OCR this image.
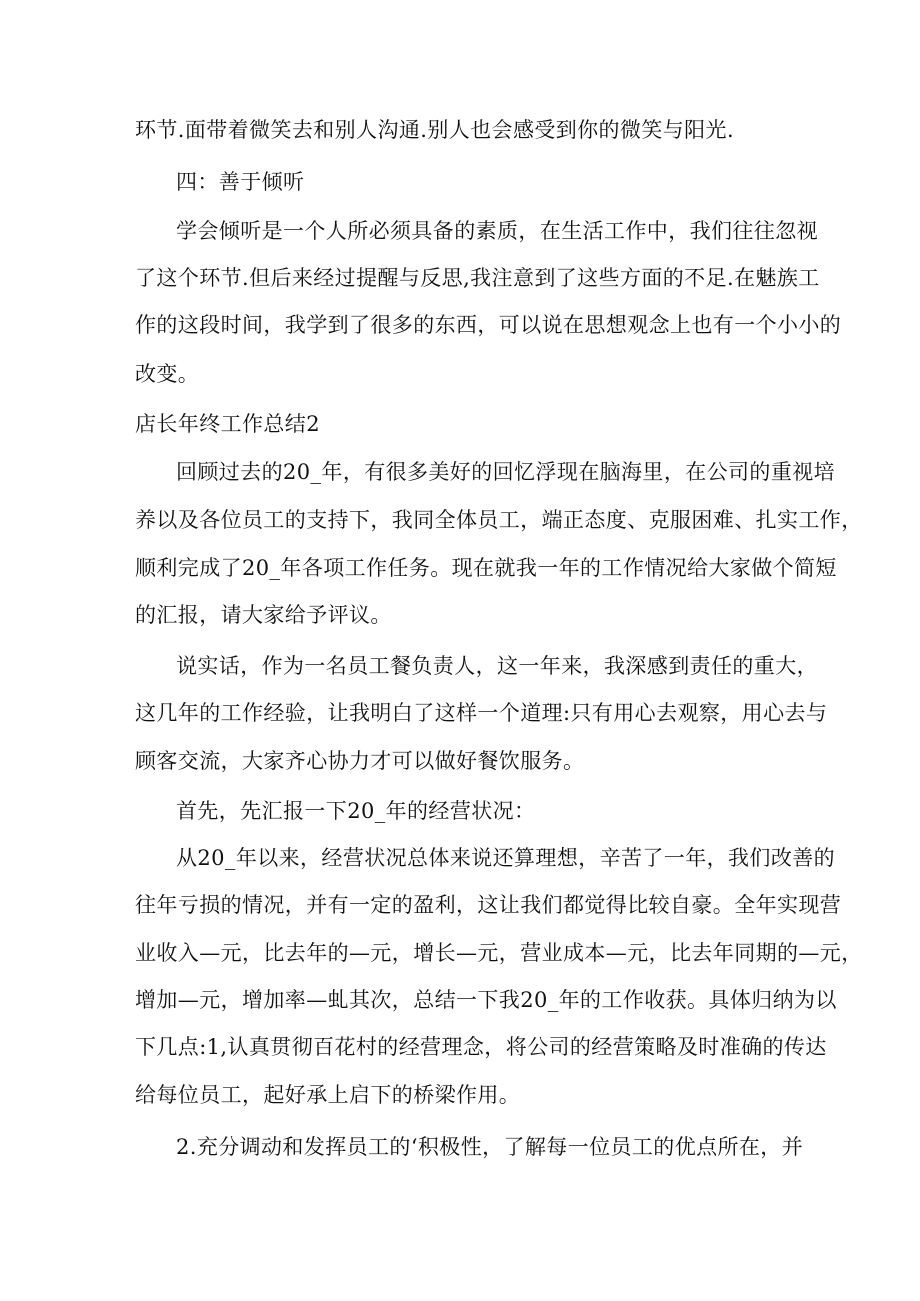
环节.面带着微笑去和别人沟通.别人也会感受到你的微笑与阳光.
四：善于倾听
学会倾听是一个人所必须具备的素质，在生活工作中，我们往往忽视
了这个环节.但后来经过提醒与反思,我注意到了这些方面的不足.在魅族工
作的这段时间，我学到了很多的东西，可以说在思想观念上也有一个小小的
改变。
店长年终工作总结2
回顾过去的20_年，有很多美好的回忆浮现在脑海里，在公司的重视培
养以及各位员工的支持下，我同全体员工，端正态度、克服困难、扎实工作，
顺利完成了20_年各项工作任务。现在就我一年的工作情况给大家做个简短
的汇报，请大家给予评议。
说实话，作为一名员工餐负责人，这一年来，我深感到责任的重大，
这几年的工作经验，让我明白了这样一个道理:只有用心去观察，用心去与
顾客交流，大家齐心协力才可以做好餐饮服务。
首先，先汇报一下20_年的经营状况：
从20_年以来，经营状况总体来说还算理想，辛苦了一年，我们改善的
往年亏损的情况，并有一定的盈利，这让我们都觉得比较自豪。全年实现营
业收入—元，比去年的—元，增长—元，营业成本—元，比去年同期的—元，
增加—元，增加率—虬其次，总结一下我20_年的工作收获。具体归纳为以
下几点:1,认真贯彻百花村的经营理念，将公司的经营策略及时准确的传达
给每位员工，起好承上启下的桥梁作用。
2.充分调动和发挥员工的‘积极性，了解每一位员工的优点所在，并
